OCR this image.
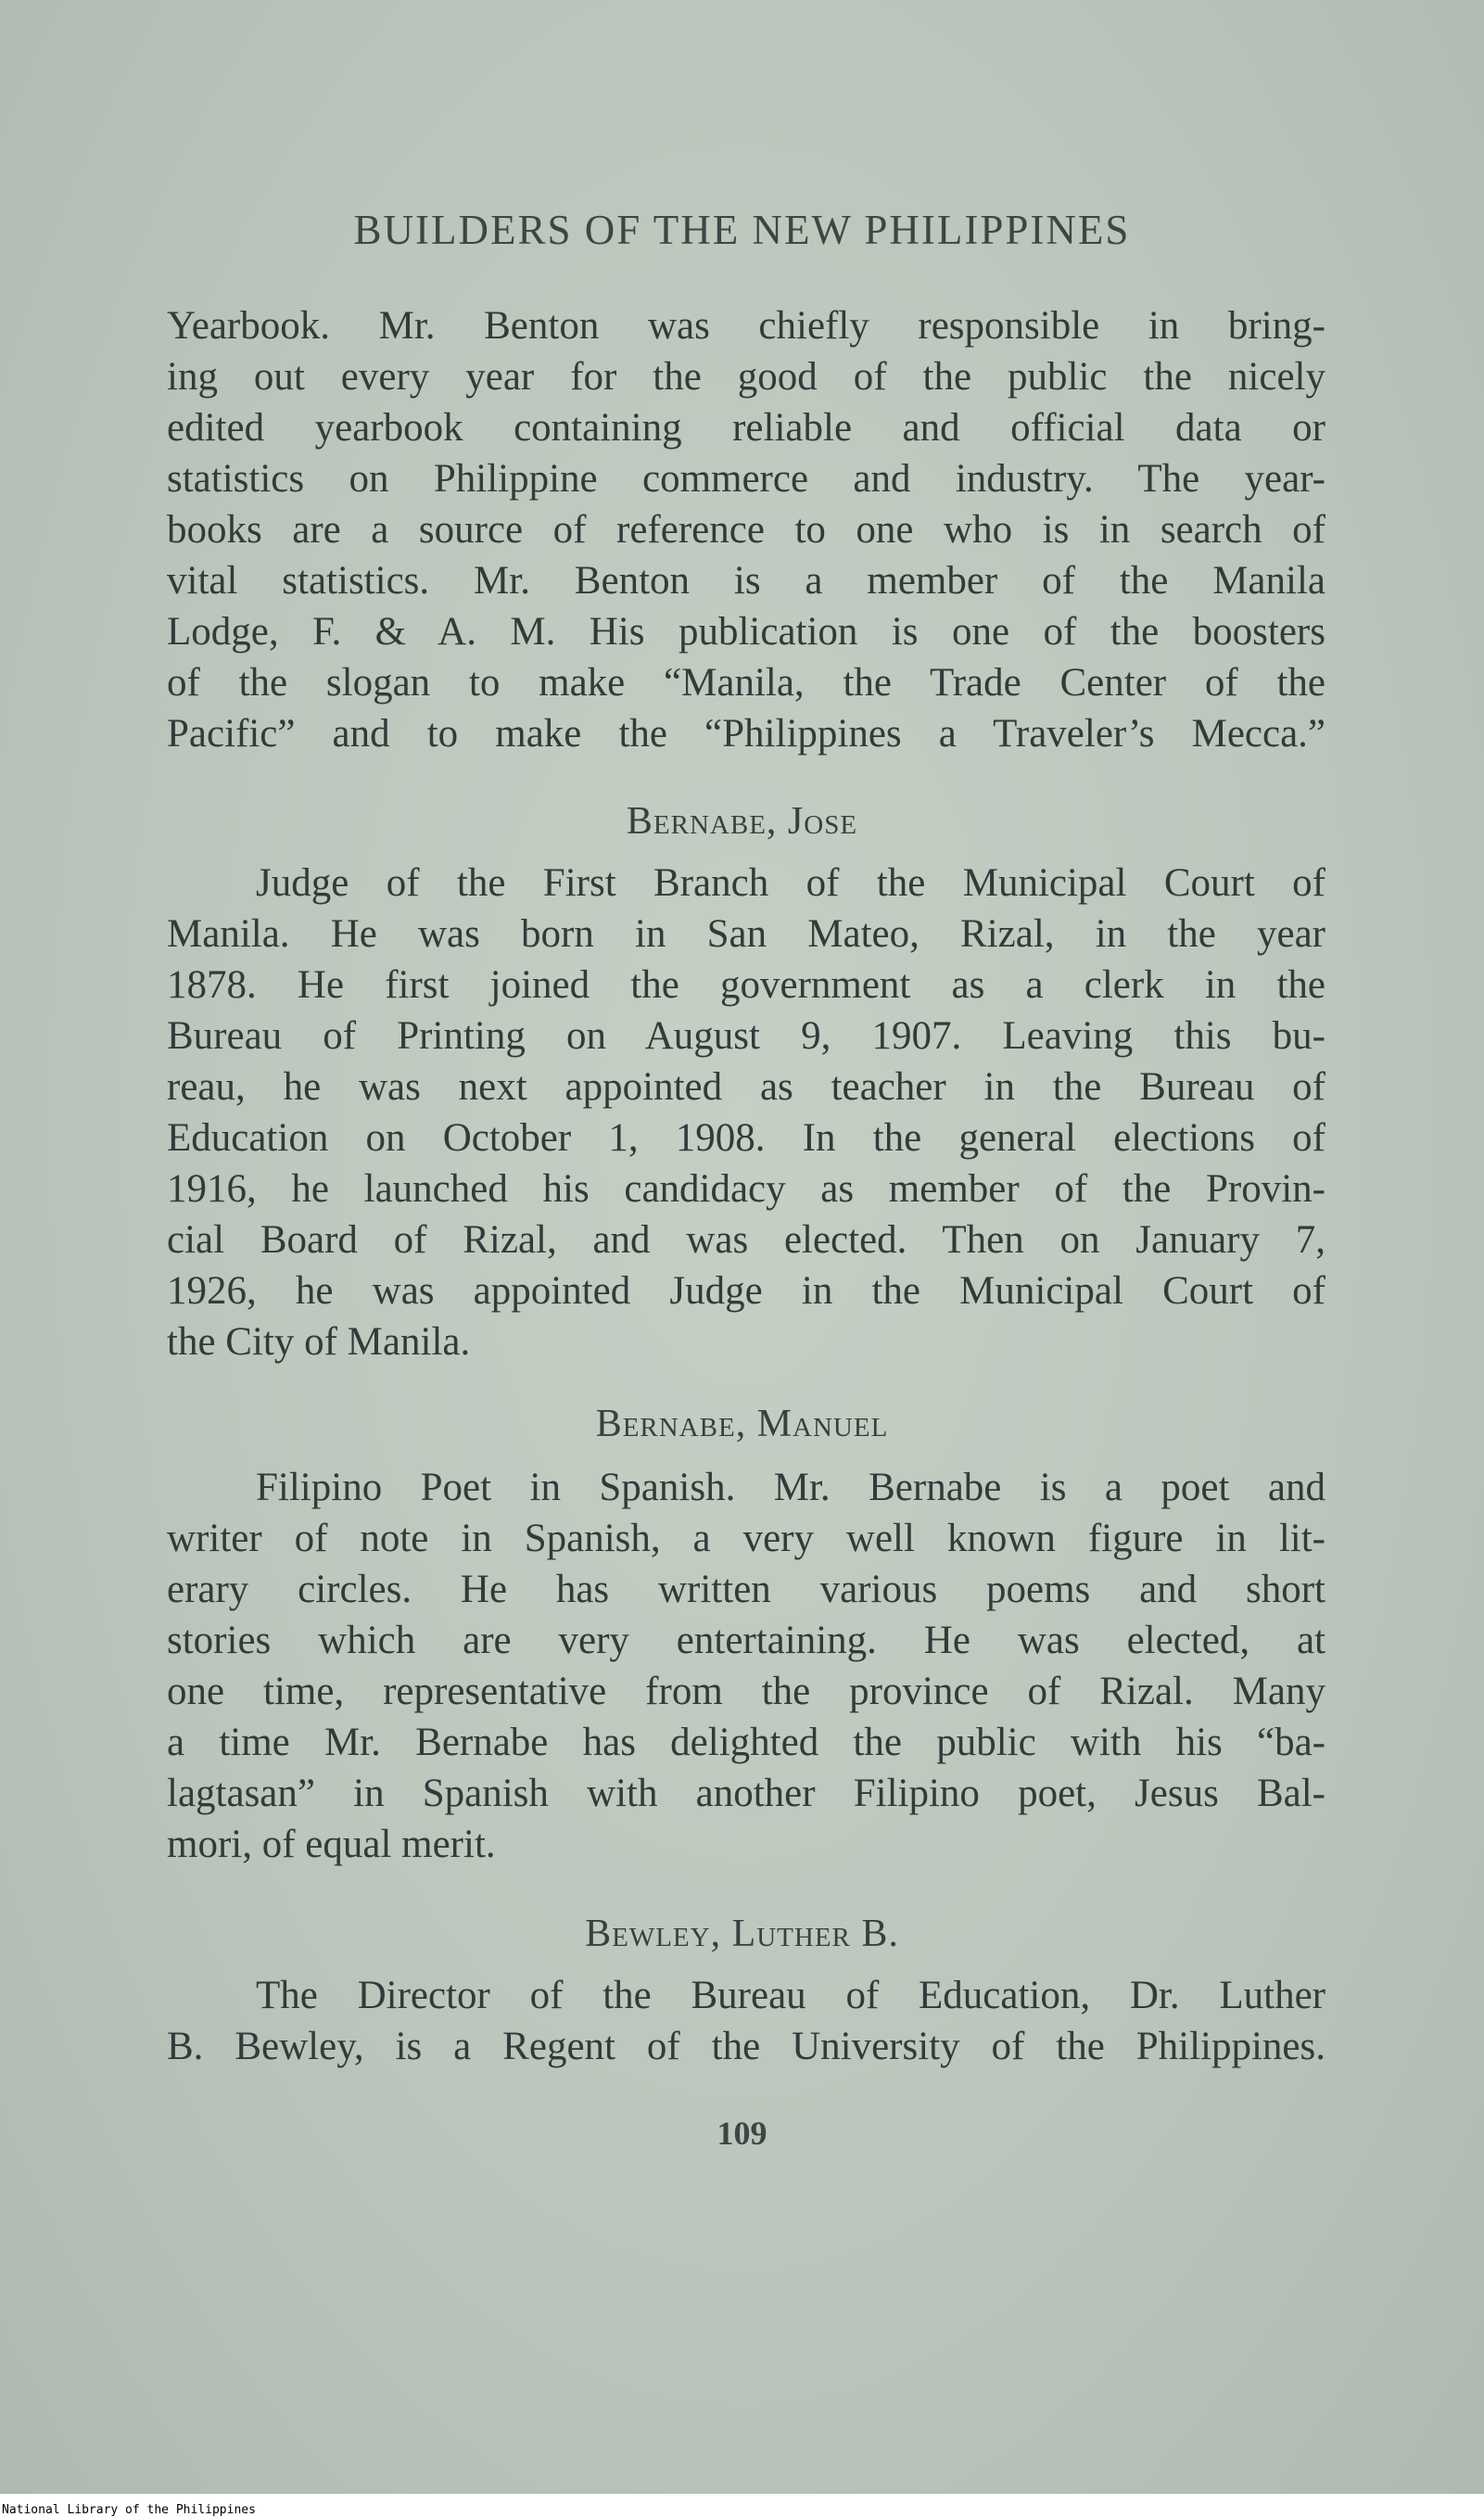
BUILDERS OF THE NEW PHILIPPINES
Yearbook. Mr. Benton was chiefly responsible in bring-
ing out every year for the good of the public the nicely
edited yearbook containing reliable and official data or
statistics on Philippine commerce and industry. The year-
books are a source of reference to one who is in search of
vital statistics. Mr. Benton is a member of the Manila
Lodge, F. & A. M. His publication is one of the boosters
of the slogan to make “Manila, the Trade Center of the
Pacific” and to make the “Philippines a Traveler’s Mecca.”
Bernabe, Jose
Judge of the First Branch of the Municipal Court of
Manila. He was born in San Mateo, Rizal, in the year
1878. He first joined the government as a clerk in the
Bureau of Printing on August 9, 1907. Leaving this bu-
reau, he was next appointed as teacher in the Bureau of
Education on October 1, 1908. In the general elections of
1916, he launched his candidacy as member of the Provin-
cial Board of Rizal, and was elected. Then on January 7,
1926, he was appointed Judge in the Municipal Court of
the City of Manila.
Bernabe, Manuel
Filipino Poet in Spanish. Mr. Bernabe is a poet and
writer of note in Spanish, a very well known figure in lit-
erary circles. He has written various poems and short
stories which are very entertaining. He was elected, at
one time, representative from the province of Rizal. Many
a time Mr. Bernabe has delighted the public with his “ba-
lagtasan” in Spanish with another Filipino poet, Jesus Bal-
mori, of equal merit.
Bewley, Luther B.
The Director of the Bureau of Education, Dr. Luther
B. Bewley, is a Regent of the University of the Philippines.
109
National Library of the Philippines
